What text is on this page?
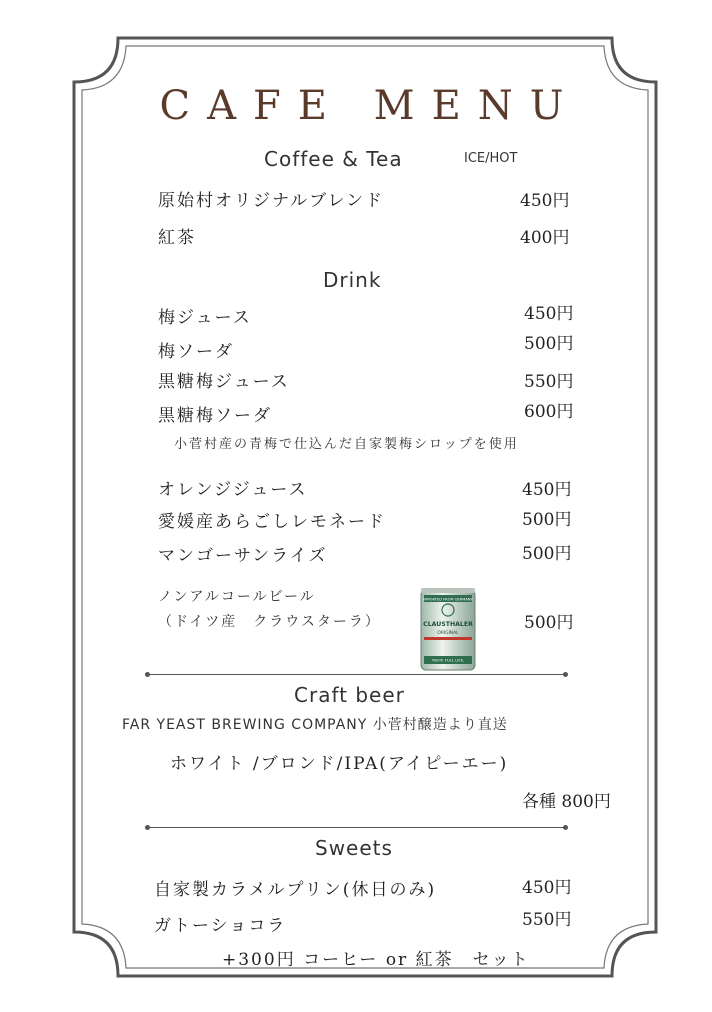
CAFE MENU
Coffee & Tea	ICE/HOT
原始村オリジナルブレンド	450円
紅茶	400円
Drink
梅ジュース	450円
梅ソーダ	500円
黒糖梅ジュース	550円
黒糖梅ソーダ	600円
小菅村産の青梅で仕込んだ自家製梅シロップを使用
オレンジジュース	450円
愛媛産あらごしレモネード	500円
マンゴーサンライズ	500円
ノンアルコールビール
（ドイツ産　クラウスターラ）	500円
IMPORTED FROM GERMANY
CLAUSTHALER
ORIGINAL
TASTE FULL LIFE.
Craft beer
FAR YEAST BREWING COMPANY 小菅村醸造より直送
ホワイト /ブロンド/IPA(アイピーエー)
各種 800円
Sweets
自家製カラメルプリン(休日のみ)	450円
ガトーショコラ	550円
+300円 コーヒー or 紅茶　セット
